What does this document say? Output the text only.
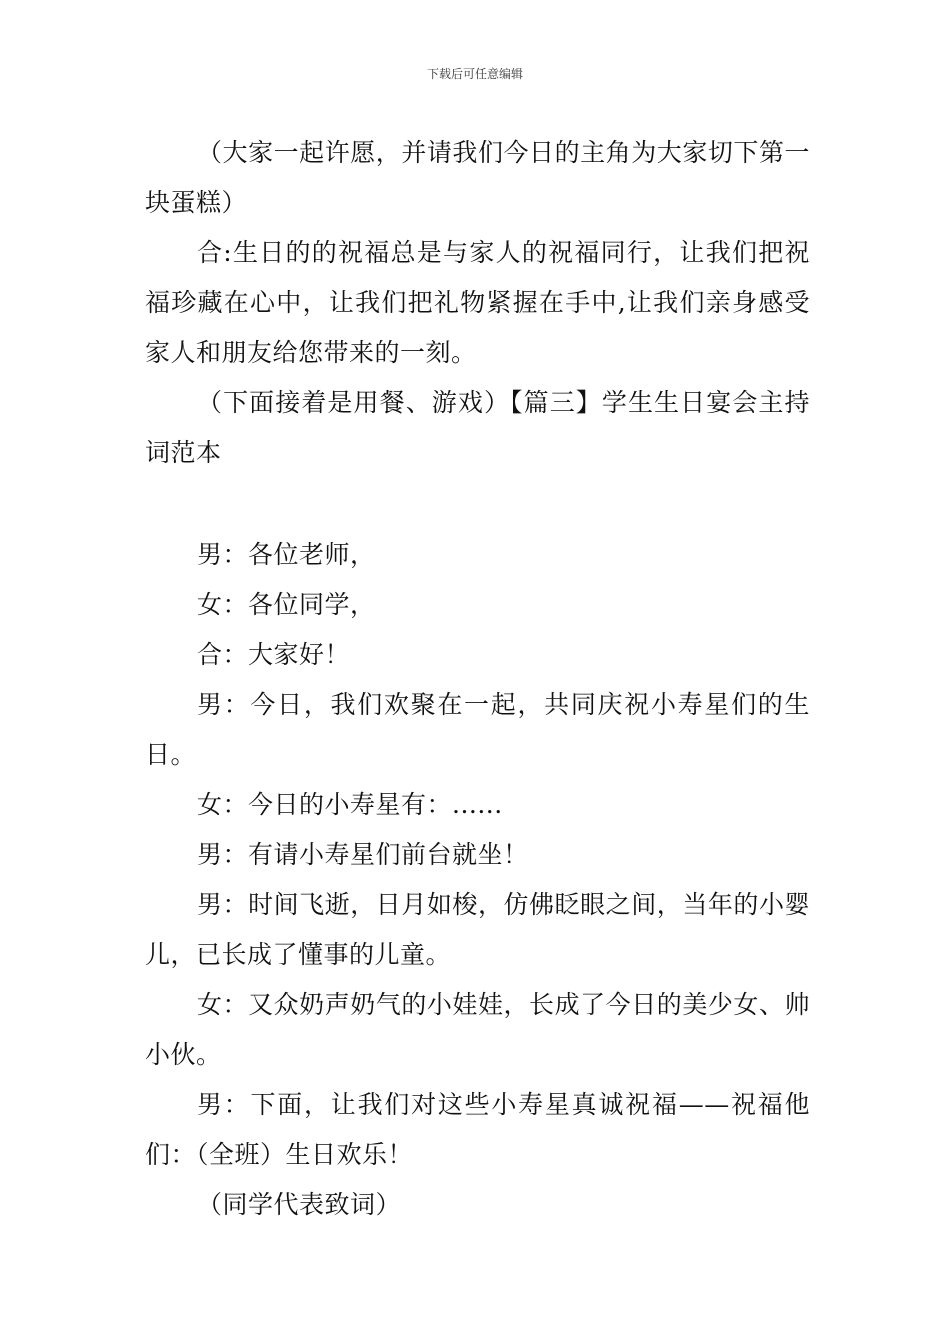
下载后可任意编辑

（大家一起许愿，并请我们今日的主角为大家切下第一块蛋糕）

合:生日的的祝福总是与家人的祝福同行，让我们把祝福珍藏在心中，让我们把礼物紧握在手中,让我们亲身感受家人和朋友给您带来的一刻。

（下面接着是用餐、游戏）【篇三】学生生日宴会主持词范本

男：各位老师，

女：各位同学，

合：大家好！

男：今日，我们欢聚在一起，共同庆祝小寿星们的生日。

女：今日的小寿星有：......

男：有请小寿星们前台就坐！

男：时间飞逝，日月如梭，仿佛眨眼之间，当年的小婴儿，已长成了懂事的儿童。

女：又众奶声奶气的小娃娃，长成了今日的美少女、帅小伙。

男：下面，让我们对这些小寿星真诚祝福——祝福他们：（全班）生日欢乐！

（同学代表致词）
